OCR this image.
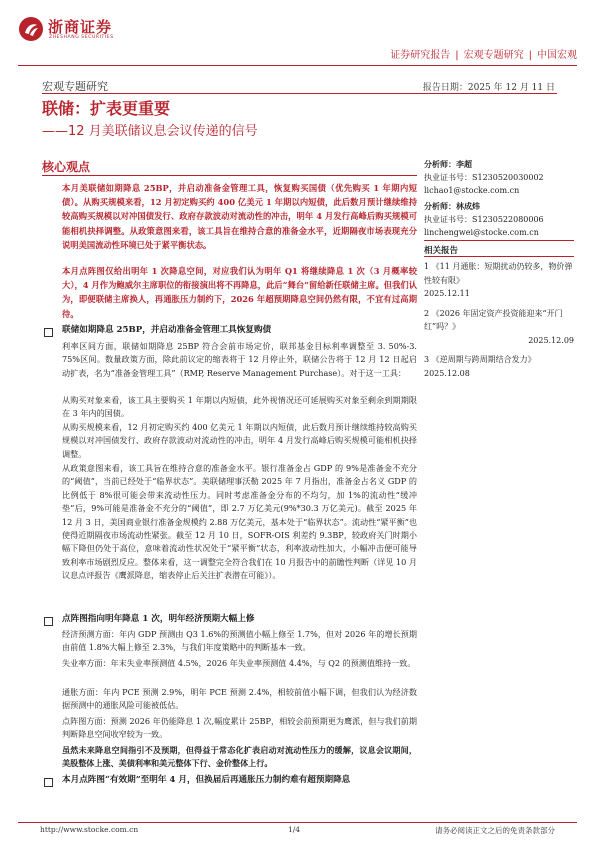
浙商证券
ZHESHANG SECURITIES
证券研究报告 | 宏观专题研究 | 中国宏观
宏观专题研究	报告日期：2025 年 12 月 11 日
联储：扩表更重要
——12 月美联储议息会议传递的信号
核心观点
本月美联储如期降息 25BP，并启动准备金管理工具，恢复购买国债（优先购买 1 年期内短债）。从购买规模来看，12 月初定购买约 400 亿美元 1 年期以内短债，此后数月预计继续维持较高购买规模以对冲国债发行、政府存款波动对流动性的冲击，明年 4 月发行高峰后购买规模可能相机抉择调整。从政策意图来看，该工具旨在维持合意的准备金水平，近期隔夜市场表现充分说明美国流动性环境已处于紧平衡状态。
本月点阵图仅给出明年 1 次降息空间，对应我们认为明年 Q1 将继续降息 1 次（3 月概率较大），4 月作为鲍威尔主席职位的衔接演出将不再降息，此后“舞台”留给新任联储主席。但我们认为，即便联储主席换人，再通胀压力制约下，2026 年超预期降息空间仍然有限，不宜有过高期待。
联储如期降息 25BP，并启动准备金管理工具恢复购债
利率区间方面，联储如期降息 25BP 符合会前市场定价，联邦基金目标利率调整至 3. 50%-3. 75%区间。数量政策方面，除此前议定的缩表将于 12 月停止外，联储公告将于 12 月 12 日起启动扩表，名为“准备金管理工具”（RMP, Reserve Management Purchase）。对于这一工具：
从购买对象来看，该工具主要购买 1 年期以内短债，此外视情况还可延展购买对象至剩余到期期限在 3 年内的国债。
从购买规模来看，12 月初定购买约 400 亿美元 1 年期以内短债，此后数月预计继续维持较高购买规模以对冲国债发行、政府存款波动对流动性的冲击，明年 4 月发行高峰后购买规模可能相机抉择调整。
从政策意图来看，该工具旨在维持合意的准备金水平。银行准备金占 GDP 的 9%是准备金不充分的“阈值”，当前已经处于“临界状态”。美联储理事沃勒 2025 年 7 月指出，准备金占名义 GDP 的比例低于 8%很可能会带来流动性压力。同时考虑准备金分布的不均匀，加 1%的流动性“缓冲垫”后，9%可能是准备金不充分的“阈值”，即 2.7 万亿美元(9%*30.3 万亿美元)。截至 2025 年 12 月 3 日，美国商业银行准备金规模约 2.88 万亿美元，基本处于“临界状态”。流动性“紧平衡”也使得近期隔夜市场流动性紧张。截至 12 月 10 日，SOFR-OIS 利差约 9.3BP，较政府关门时期小幅下降但仍处于高位，意味着流动性状况处于“紧平衡”状态，利率波动性加大，小幅冲击便可能导致利率市场剧烈反应。整体来看，这一调整完全符合我们在 10 月报告中的前瞻性判断（详见 10 月议息点评报告《鹰派降息，缩表停止后关注扩表潜在可能》）。
点阵图指向明年降息 1 次，明年经济预期大幅上修
经济预测方面：年内 GDP 预测由 Q3 1.6%的预测值小幅上修至 1.7%，但对 2026 年的增长预期由前值 1.8%大幅上修至 2.3%，与我们年度策略中的判断基本一致。
失业率方面：年末失业率预测值 4.5%，2026 年失业率预测值 4.4%，与 Q2 的预测值维持一致。
通胀方面：年内 PCE 预测 2.9%，明年 PCE 预测 2.4%，相较前值小幅下调，但我们认为经济数据预测中的通胀风险可能被低估。
点阵图方面：预测 2026 年仍能降息 1 次,幅度累计 25BP，相较会前预期更为鹰派，但与我们前期判断降息空间收窄较为一致。
虽然未来降息空间指引不及预期，但得益于常态化扩表启动对流动性压力的缓解，议息会议期间，美股整体上涨、美债利率和美元整体下行、金价整体上行。
本月点阵图“有效期”至明年 4 月，但换届后再通胀压力制约难有超预期降息
分析师：李超
执业证书号：S1230520030002
lichao1@stocke.com.cn
分析师：林成炜
执业证书号：S1230522080006
linchengwei@stocke.com.cn
相关报告
1 《11 月通胀：短期扰动仍较多，物价弹性较有限》
2025.12.11
2 《2026 年固定资产投资能迎来“开门红”吗？》
2025.12.09
3 《逆周期与跨周期结合发力》
2025.12.08
http://www.stocke.com.cn	1/4	请务必阅读正文之后的免责条款部分
